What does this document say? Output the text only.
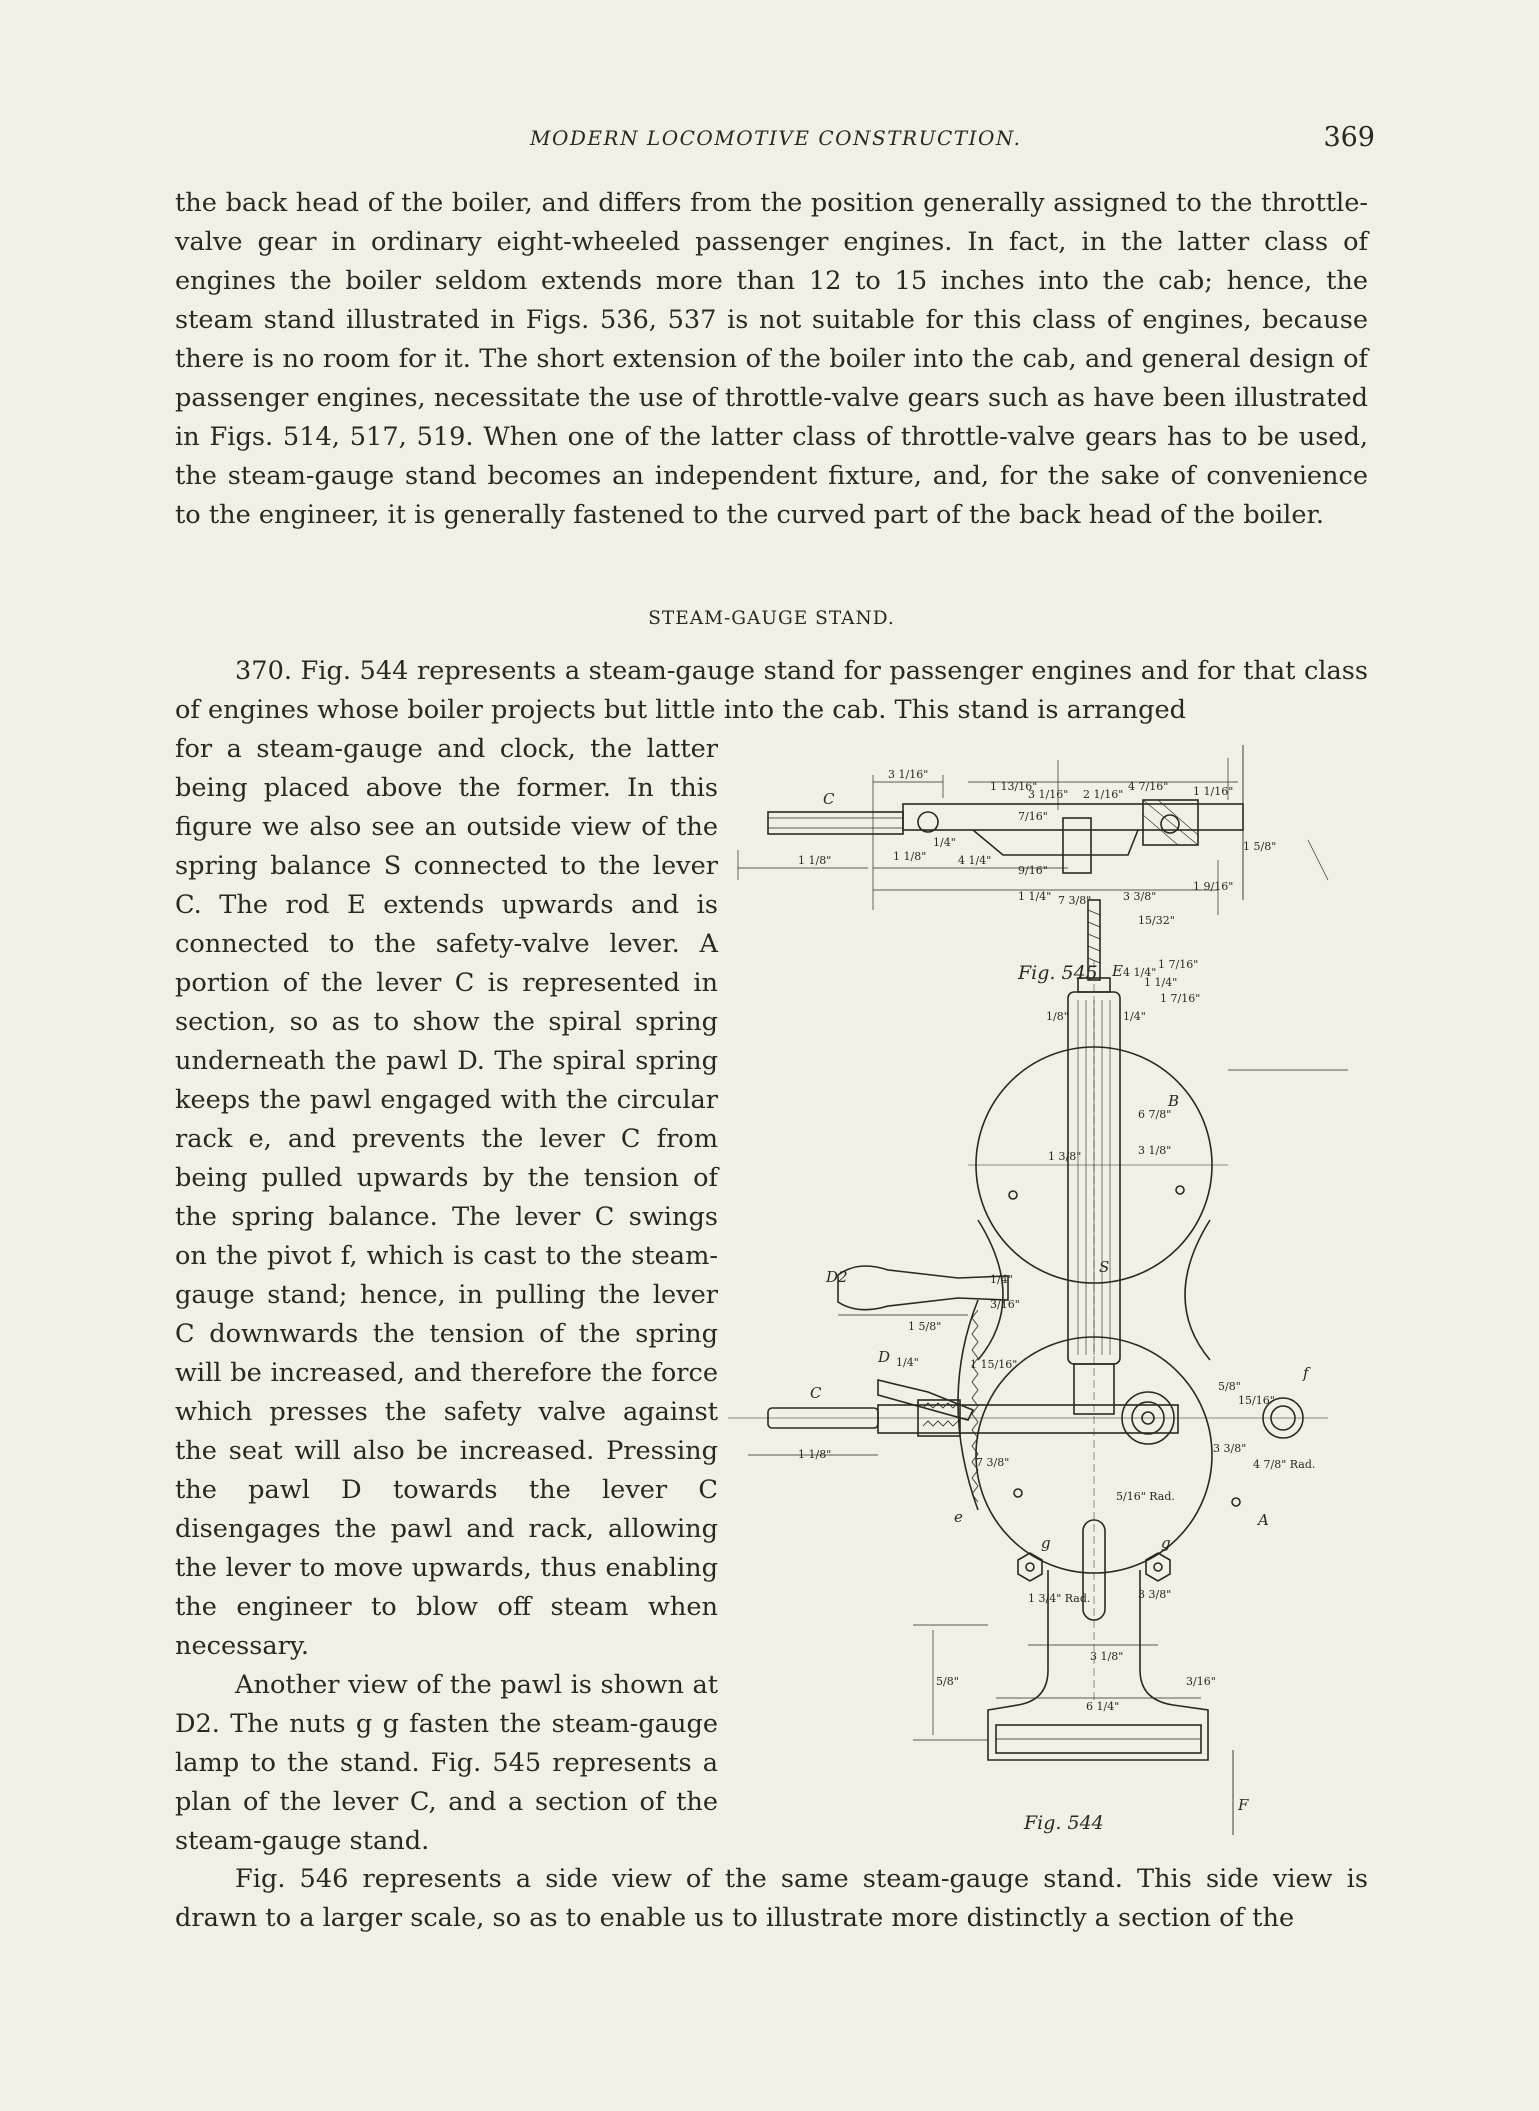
MODERN LOCOMOTIVE CONSTRUCTION.	369

the back head of the boiler, and differs from the position generally assigned to the throttle-valve gear in ordinary eight-wheeled passenger engines. In fact, in the latter class of engines the boiler seldom extends more than 12 to 15 inches into the cab; hence, the steam stand illustrated in Figs. 536, 537 is not suitable for this class of engines, because there is no room for it. The short extension of the boiler into the cab, and general design of passenger engines, necessitate the use of throttle-valve gears such as have been illustrated in Figs. 514, 517, 519. When one of the latter class of throttle-valve gears has to be used, the steam-gauge stand becomes an independent fixture, and, for the sake of convenience to the engineer, it is generally fastened to the curved part of the back head of the boiler.

STEAM-GAUGE STAND.

370. Fig. 544 represents a steam-gauge stand for passenger engines and for that class of engines whose boiler projects but little into the cab. This stand is arranged

for a steam-gauge and clock, the latter being placed above the former. In this figure we also see an outside view of the spring balance S connected to the lever C. The rod E extends upwards and is connected to the safety-valve lever. A portion of the lever C is represented in section, so as to show the spiral spring underneath the pawl D. The spiral spring keeps the pawl engaged with the circular rack e, and prevents the lever C from being pulled upwards by the tension of the spring balance. The lever C swings on the pivot f, which is cast to the steam-gauge stand; hence, in pulling the lever C downwards the tension of the spring will be increased, and therefore the force which presses the safety valve against the seat will also be increased. Pressing the pawl D towards the lever C disengages the pawl and rack, allowing the lever to move upwards, thus enabling the engineer to blow off steam when necessary.

Another view of the pawl is shown at D2. The nuts g g fasten the steam-gauge lamp to the stand. Fig. 545 represents a plan of the lever C, and a section of the steam-gauge stand.

Fig. 546 represents a side view of the same steam-gauge stand. This side view is drawn to a larger scale, so as to enable us to illustrate more distinctly a section of the

3 1/16"
1 13/16"
3 1/16" 2 1/16"
4 7/16" 1 1/16"
7/16"
1 1/8"
1/4"
1 1/8"	4 1/4"
9/16"
1 1/4" 7 3/8"	3 3/8"
15/32"
1 9/16"
1 5/8"
C
B
S
D2
D
C
f
e
g	g
A
E
F
4 1/4"
1 7/16"
1 1/4"
1 7/16"
1/4"
1/8"
6 7/8"
1 3/8"	3 1/8"
1/4"
3/16"
1 5/8"
1 15/16"
1/4"
1 1/8"
7 3/8"
5/8"
15/16"
3 3/8"
4 7/8" Rad.
5/16" Rad.
1 3/4" Rad.	3 3/8"
3 1/8"
6 1/4"
5/8"	3/16"
Fig. 545
Fig. 544
